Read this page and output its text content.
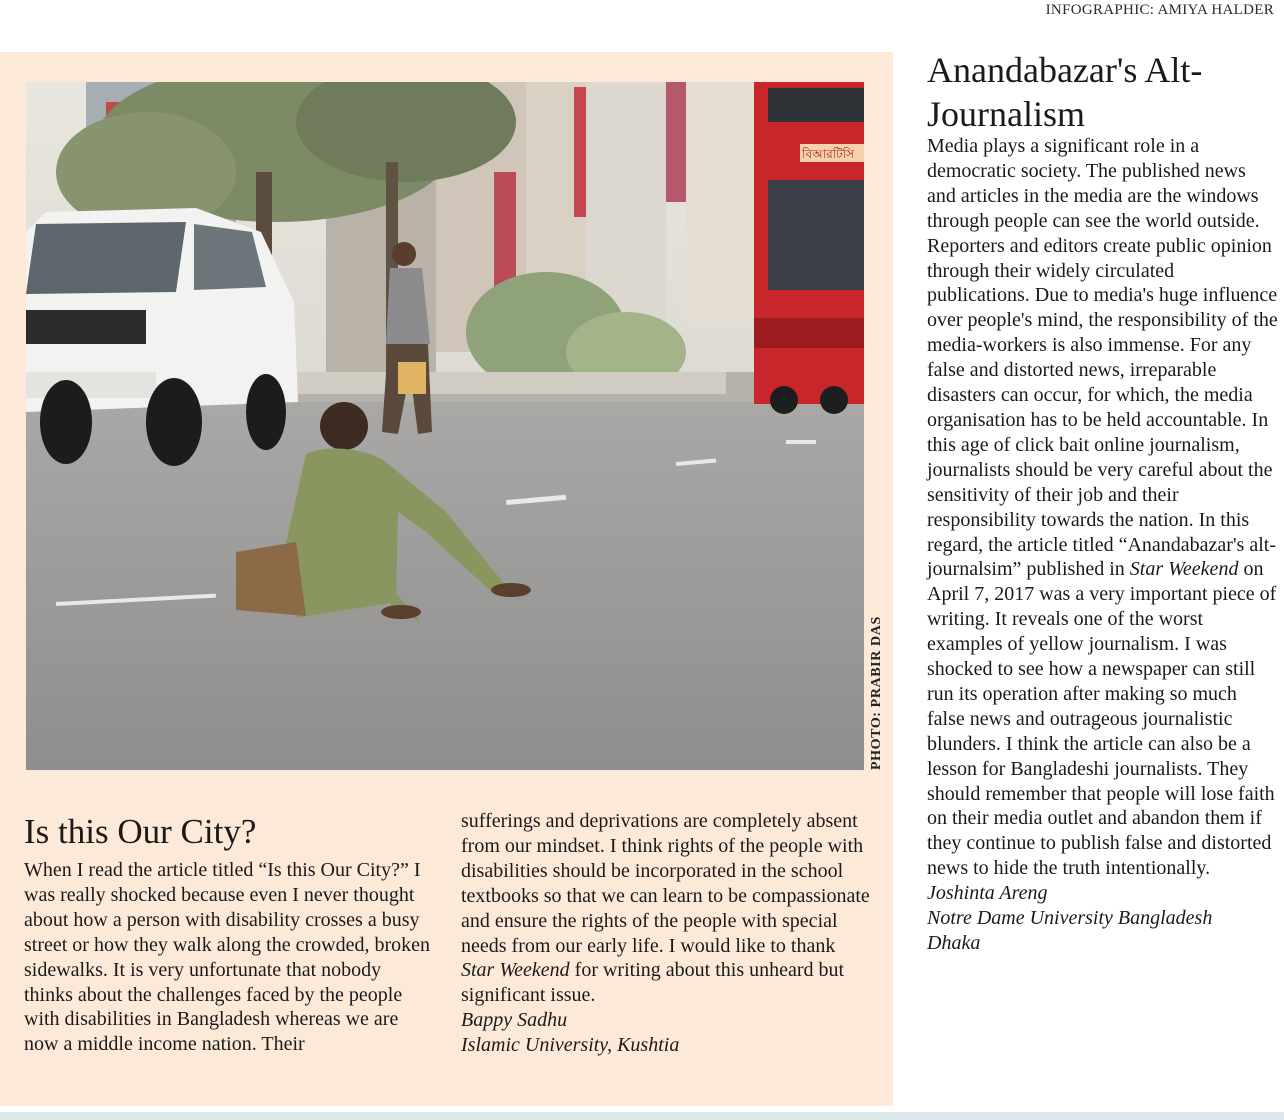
INFOGRAPHIC: AMIYA HALDER
বিআরটিসি
PHOTO: PRABIR DAS
Is this Our City?

When I read the article titled “Is this Our City?” I was really shocked because even I never thought about how a person with disability crosses a busy street or how they walk along the crowded, broken sidewalks. It is very unfortunate that nobody thinks about the challenges faced by the people with disabilities in Bangladesh whereas we are now a middle income nation. Their

sufferings and deprivations are completely absent from our mindset. I think rights of the people with disabilities should be incorporated in the school textbooks so that we can learn to be compassionate and ensure the rights of the people with special needs from our early life. I would like to thank Star Weekend for writing about this unheard but significant issue.

Bappy Sadhu

Islamic University, Kushtia

Anandabazar's Alt-Journalism

Media plays a significant role in a democratic society. The published news and articles in the media are the windows through people can see the world outside. Reporters and editors create public opinion through their widely circulated publications. Due to media's huge influence over people's mind, the responsibility of the media-workers is also immense. For any false and distorted news, irreparable disasters can occur, for which, the media organisation has to be held accountable. In this age of click bait online journalism, journalists should be very careful about the sensitivity of their job and their responsibility towards the nation. In this regard, the article titled “Anandabazar's alt-journalsim” published in Star Weekend on April 7, 2017 was a very important piece of writing. It reveals one of the worst examples of yellow journalism. I was shocked to see how a newspaper can still run its operation after making so much false news and outrageous journalistic blunders. I think the article can also be a lesson for Bangladeshi journalists. They should remember that people will lose faith on their media outlet and abandon them if they continue to publish false and distorted news to hide the truth intentionally.

Joshinta Areng

Notre Dame University Bangladesh

Dhaka
